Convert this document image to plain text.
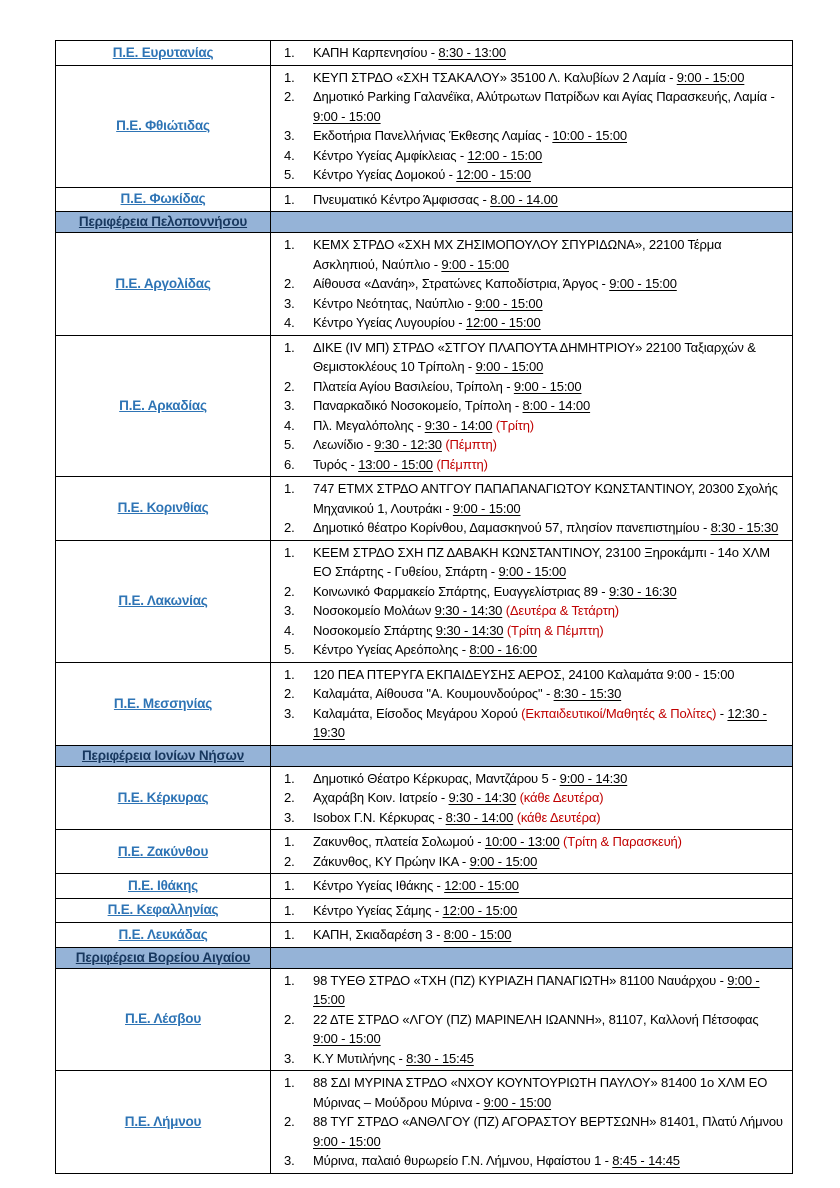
Π.Ε. Ευρυτανίας	1. ΚΑΠΗ Καρπενησίου - 8:30 - 13:00

Π.Ε. Φθιώτιδας	
1. ΚΕΥΠ ΣΤΡΔΟ «ΣΧΗ ΤΣΑΚΑΛΟΥ» 35100 Λ. Καλυβίων 2 Λαμία - 9:00 - 15:00
2. Δημοτικό Parking Γαλανέϊκα, Αλύτρωτων Πατρίδων και Αγίας Παρασκευής, Λαμία - 9:00 - 15:00
3. Εκδοτήρια Πανελλήνιας Έκθεσης Λαμίας - 10:00 - 15:00
4. Κέντρο Υγείας Αμφίκλειας - 12:00 - 15:00
5. Κέντρο Υγείας Δομοκού - 12:00 - 15:00

Π.Ε. Φωκίδας	1. Πνευματικό Κέντρο Άμφισσας - 8.00 - 14.00

Περιφέρεια Πελοποννήσου	
Π.Ε. Αργολίδας	
1. ΚΕΜΧ ΣΤΡΔΟ «ΣΧΗ ΜΧ ΖΗΣΙΜΟΠΟΥΛΟΥ ΣΠΥΡΙΔΩΝΑ», 22100 Τέρμα Ασκληπιού, Ναύπλιο - 9:00 - 15:00
2. Αίθουσα «Δανάη», Στρατώνες Καποδίστρια, Άργος - 9:00 - 15:00
3. Κέντρο Νεότητας, Ναύπλιο - 9:00 - 15:00
4. Κέντρο Υγείας Λυγουρίου - 12:00 - 15:00

Π.Ε. Αρκαδίας	
1. ΔΙΚΕ (ΙV ΜΠ) ΣΤΡΔΟ «ΣΤΓΟΥ ΠΛΑΠΟΥΤΑ ΔΗΜΗΤΡΙΟΥ» 22100 Ταξιαρχών & Θεμιστοκλέους 10 Τρίπολη - 9:00 - 15:00
2. Πλατεία Αγίου Βασιλείου, Τρίπολη - 9:00 - 15:00
3. Παναρκαδικό Νοσοκομείο, Τρίπολη - 8:00 - 14:00
4. Πλ. Μεγαλόπολης - 9:30 - 14:00 (Τρίτη)
5. Λεωνίδιο - 9:30 - 12:30 (Πέμπτη)
6. Τυρός - 13:00 - 15:00 (Πέμπτη)

Π.Ε. Κορινθίας	1. 747 ΕΤΜΧ ΣΤΡΔΟ ΑΝΤΓΟΥ ΠΑΠΑΠΑΝΑΓΙΩΤΟΥ ΚΩΝΣΤΑΝΤΙΝΟΥ, 20300 Σχολής Μηχανικού 1, Λουτράκι - 9:00 - 15:00
2. Δημοτικό θέατρο Κορίνθου, Δαμασκηνού 57, πλησίον πανεπιστημίου - 8:30 - 15:30

Π.Ε. Λακωνίας	
1. ΚΕΕΜ ΣΤΡΔΟ ΣΧΗ ΠΖ ΔΑΒΑΚΗ ΚΩΝΣΤΑΝΤΙΝΟΥ, 23100 Ξηροκάμπι - 14ο ΧΛΜ ΕΟ Σπάρτης - Γυθείου, Σπάρτη - 9:00 - 15:00
2. Κοινωνικό Φαρμακείο Σπάρτης, Ευαγγελίστριας 89 - 9:30 - 16:30
3. Νοσοκομείο Μολάων 9:30 - 14:30 (Δευτέρα & Τετάρτη)
4. Νοσοκομείο Σπάρτης 9:30 - 14:30 (Τρίτη & Πέμπτη)
5. Κέντρο Υγείας Αρεόπολης - 8:00 - 16:00

Π.Ε. Μεσσηνίας	
1. 120 ΠΕΑ ΠΤΕΡΥΓΑ ΕΚΠΑΙΔΕΥΣΗΣ ΑΕΡΟΣ, 24100 Καλαμάτα 9:00 - 15:00
2. Καλαμάτα, Αίθουσα "Α. Κουμουνδούρος" - 8:30 - 15:30
3. Καλαμάτα, Είσοδος Μεγάρου Χορού (Εκπαιδευτικοί/Μαθητές & Πολίτες) - 12:30 - 19:30

Περιφέρεια Ιονίων Νήσων	
Π.Ε. Κέρκυρας	
1. Δημοτικό Θέατρο Κέρκυρας, Μαντζάρου 5 - 9:00 - 14:30
2. Αχαράβη Κοιν. Ιατρείο - 9:30 - 14:30 (κάθε Δευτέρα)
3. Isobox Γ.Ν. Κέρκυρας - 8:30 - 14:00 (κάθε Δευτέρα)

Π.Ε. Ζακύνθου	1. Ζακυνθος, πλατεία Σολωμού - 10:00 - 13:00 (Τρίτη & Παρασκευή)
2. Ζάκυνθος, ΚΥ Πρώην ΙΚΑ - 9:00 - 15:00

Π.Ε. Ιθάκης	1. Κέντρο Υγείας Ιθάκης - 12:00 - 15:00

Π.Ε. Κεφαλληνίας	1. Κέντρο Υγείας Σάμης - 12:00 - 15:00

Π.Ε. Λευκάδας	1. ΚΑΠΗ, Σκιαδαρέση 3 - 8:00 - 15:00

Περιφέρεια Βορείου Αιγαίου	
Π.Ε. Λέσβου	
1. 98 ΤΥΕΘ ΣΤΡΔΟ «ΤΧΗ (ΠΖ) ΚΥΡΙΑΖΗ ΠΑΝΑΓΙΩΤΗ» 81100 Ναυάρχου - 9:00 - 15:00
2. 22 ΔΤΕ ΣΤΡΔΟ «ΛΓΟΥ (ΠΖ) ΜΑΡΙΝΕΛΗ ΙΩΑΝΝΗ», 81107, Καλλονή Πέτσοφας 9:00 - 15:00
3. Κ.Υ Μυτιλήνης - 8:30 - 15:45

Π.Ε. Λήμνου	
1. 88 ΣΔΙ ΜΥΡΙΝΑ ΣΤΡΔΟ «ΝΧΟΥ ΚΟΥΝΤΟΥΡΙΩΤΗ ΠΑΥΛΟΥ» 81400 1ο ΧΛΜ ΕΟ Μύρινας – Μούδρου Μύρινα - 9:00 - 15:00
2. 88 ΤΥΓ ΣΤΡΔΟ «ΑΝΘΛΓΟΥ (ΠΖ) ΑΓΟΡΑΣΤΟΥ ΒΕΡΤΣΩΝΗ» 81401, Πλατύ Λήμνου 9:00 - 15:00
3. Μύρινα, παλαιό θυρωρείο Γ.Ν. Λήμνου, Ηφαίστου 1 - 8:45 - 14:45
